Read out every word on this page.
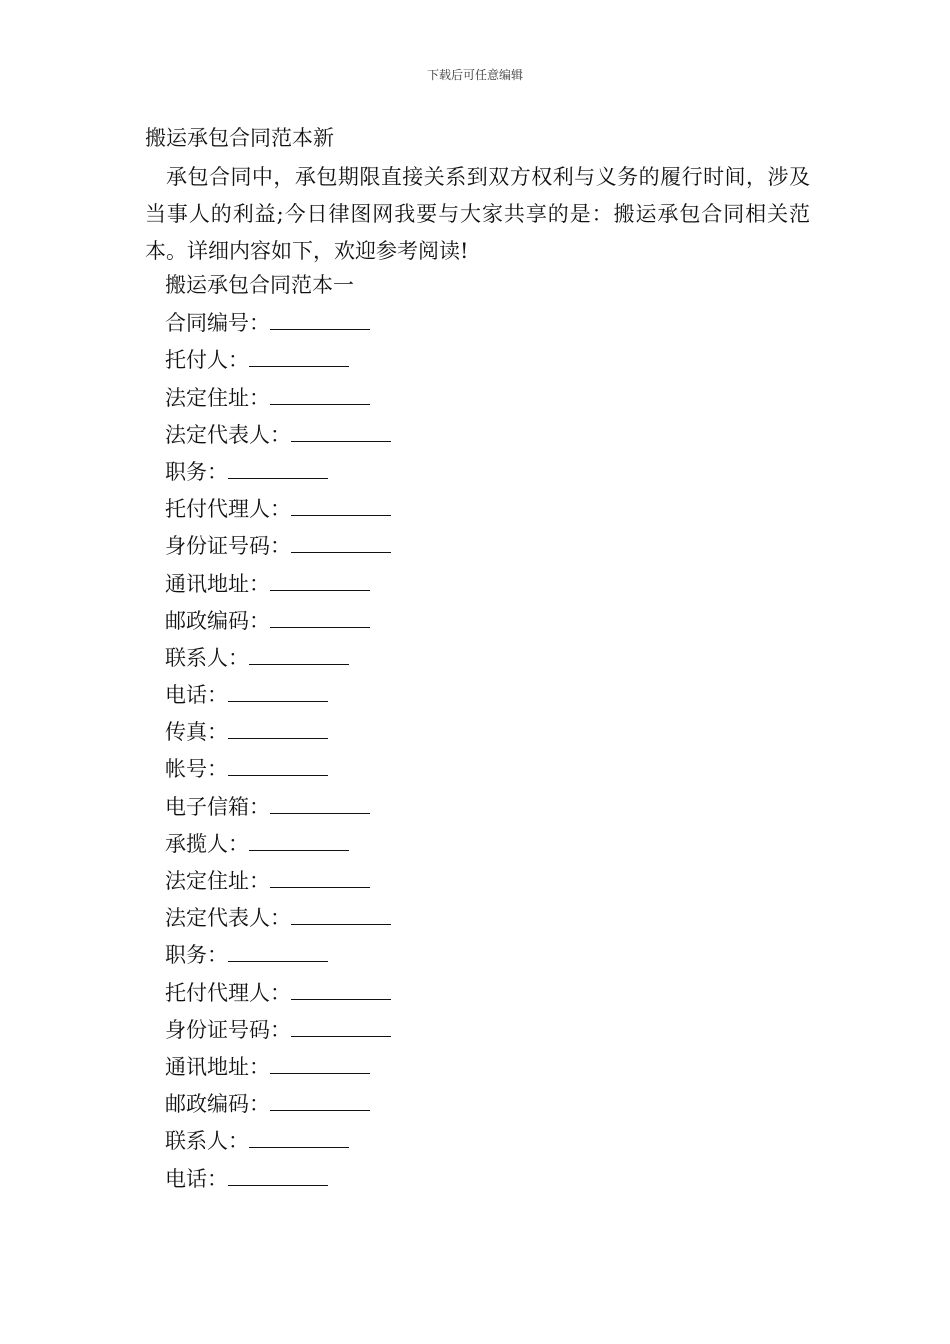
下载后可任意编辑
搬运承包合同范本新
承包合同中，承包期限直接关系到双方权利与义务的履行时间，涉及当事人的利益;今日律图网我要与大家共享的是：搬运承包合同相关范本。详细内容如下，欢迎参考阅读!
搬运承包合同范本一
合同编号：
托付人：
法定住址：
法定代表人：
职务：
托付代理人：
身份证号码：
通讯地址：
邮政编码：
联系人：
电话：
传真：
帐号：
电子信箱：
承揽人：
法定住址：
法定代表人：
职务：
托付代理人：
身份证号码：
通讯地址：
邮政编码：
联系人：
电话：
